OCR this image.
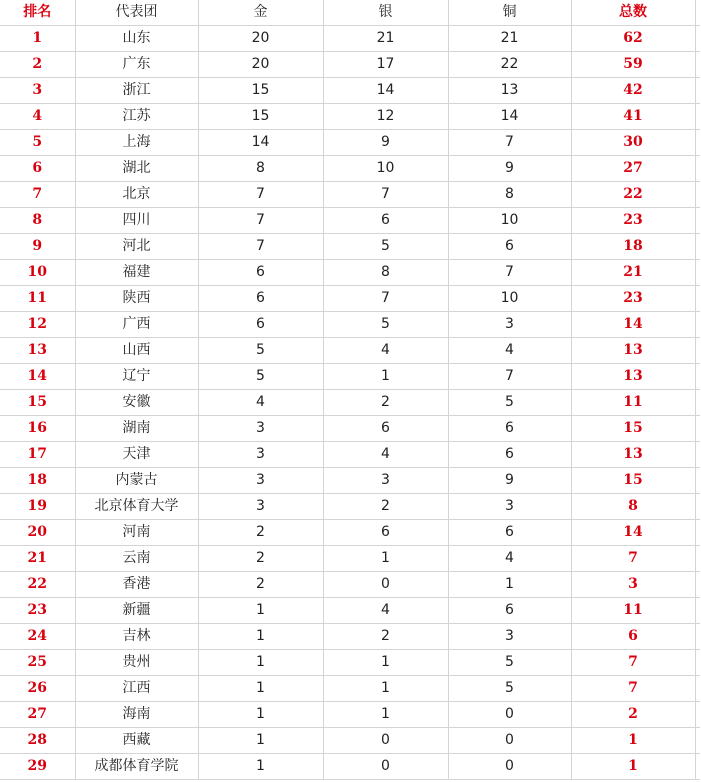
排名	代表团	金	银	铜	总数	
1	山东	20	21	21	62	
2	广东	20	17	22	59	
3	浙江	15	14	13	42	
4	江苏	15	12	14	41	
5	上海	14	9	7	30	
6	湖北	8	10	9	27	
7	北京	7	7	8	22	
8	四川	7	6	10	23	
9	河北	7	5	6	18	
10	福建	6	8	7	21	
11	陕西	6	7	10	23	
12	广西	6	5	3	14	
13	山西	5	4	4	13	
14	辽宁	5	1	7	13	
15	安徽	4	2	5	11	
16	湖南	3	6	6	15	
17	天津	3	4	6	13	
18	内蒙古	3	3	9	15	
19	北京体育大学	3	2	3	8	
20	河南	2	6	6	14	
21	云南	2	1	4	7	
22	香港	2	0	1	3	
23	新疆	1	4	6	11	
24	吉林	1	2	3	6	
25	贵州	1	1	5	7	
26	江西	1	1	5	7	
27	海南	1	1	0	2	
28	西藏	1	0	0	1	
29	成都体育学院	1	0	0	1	
